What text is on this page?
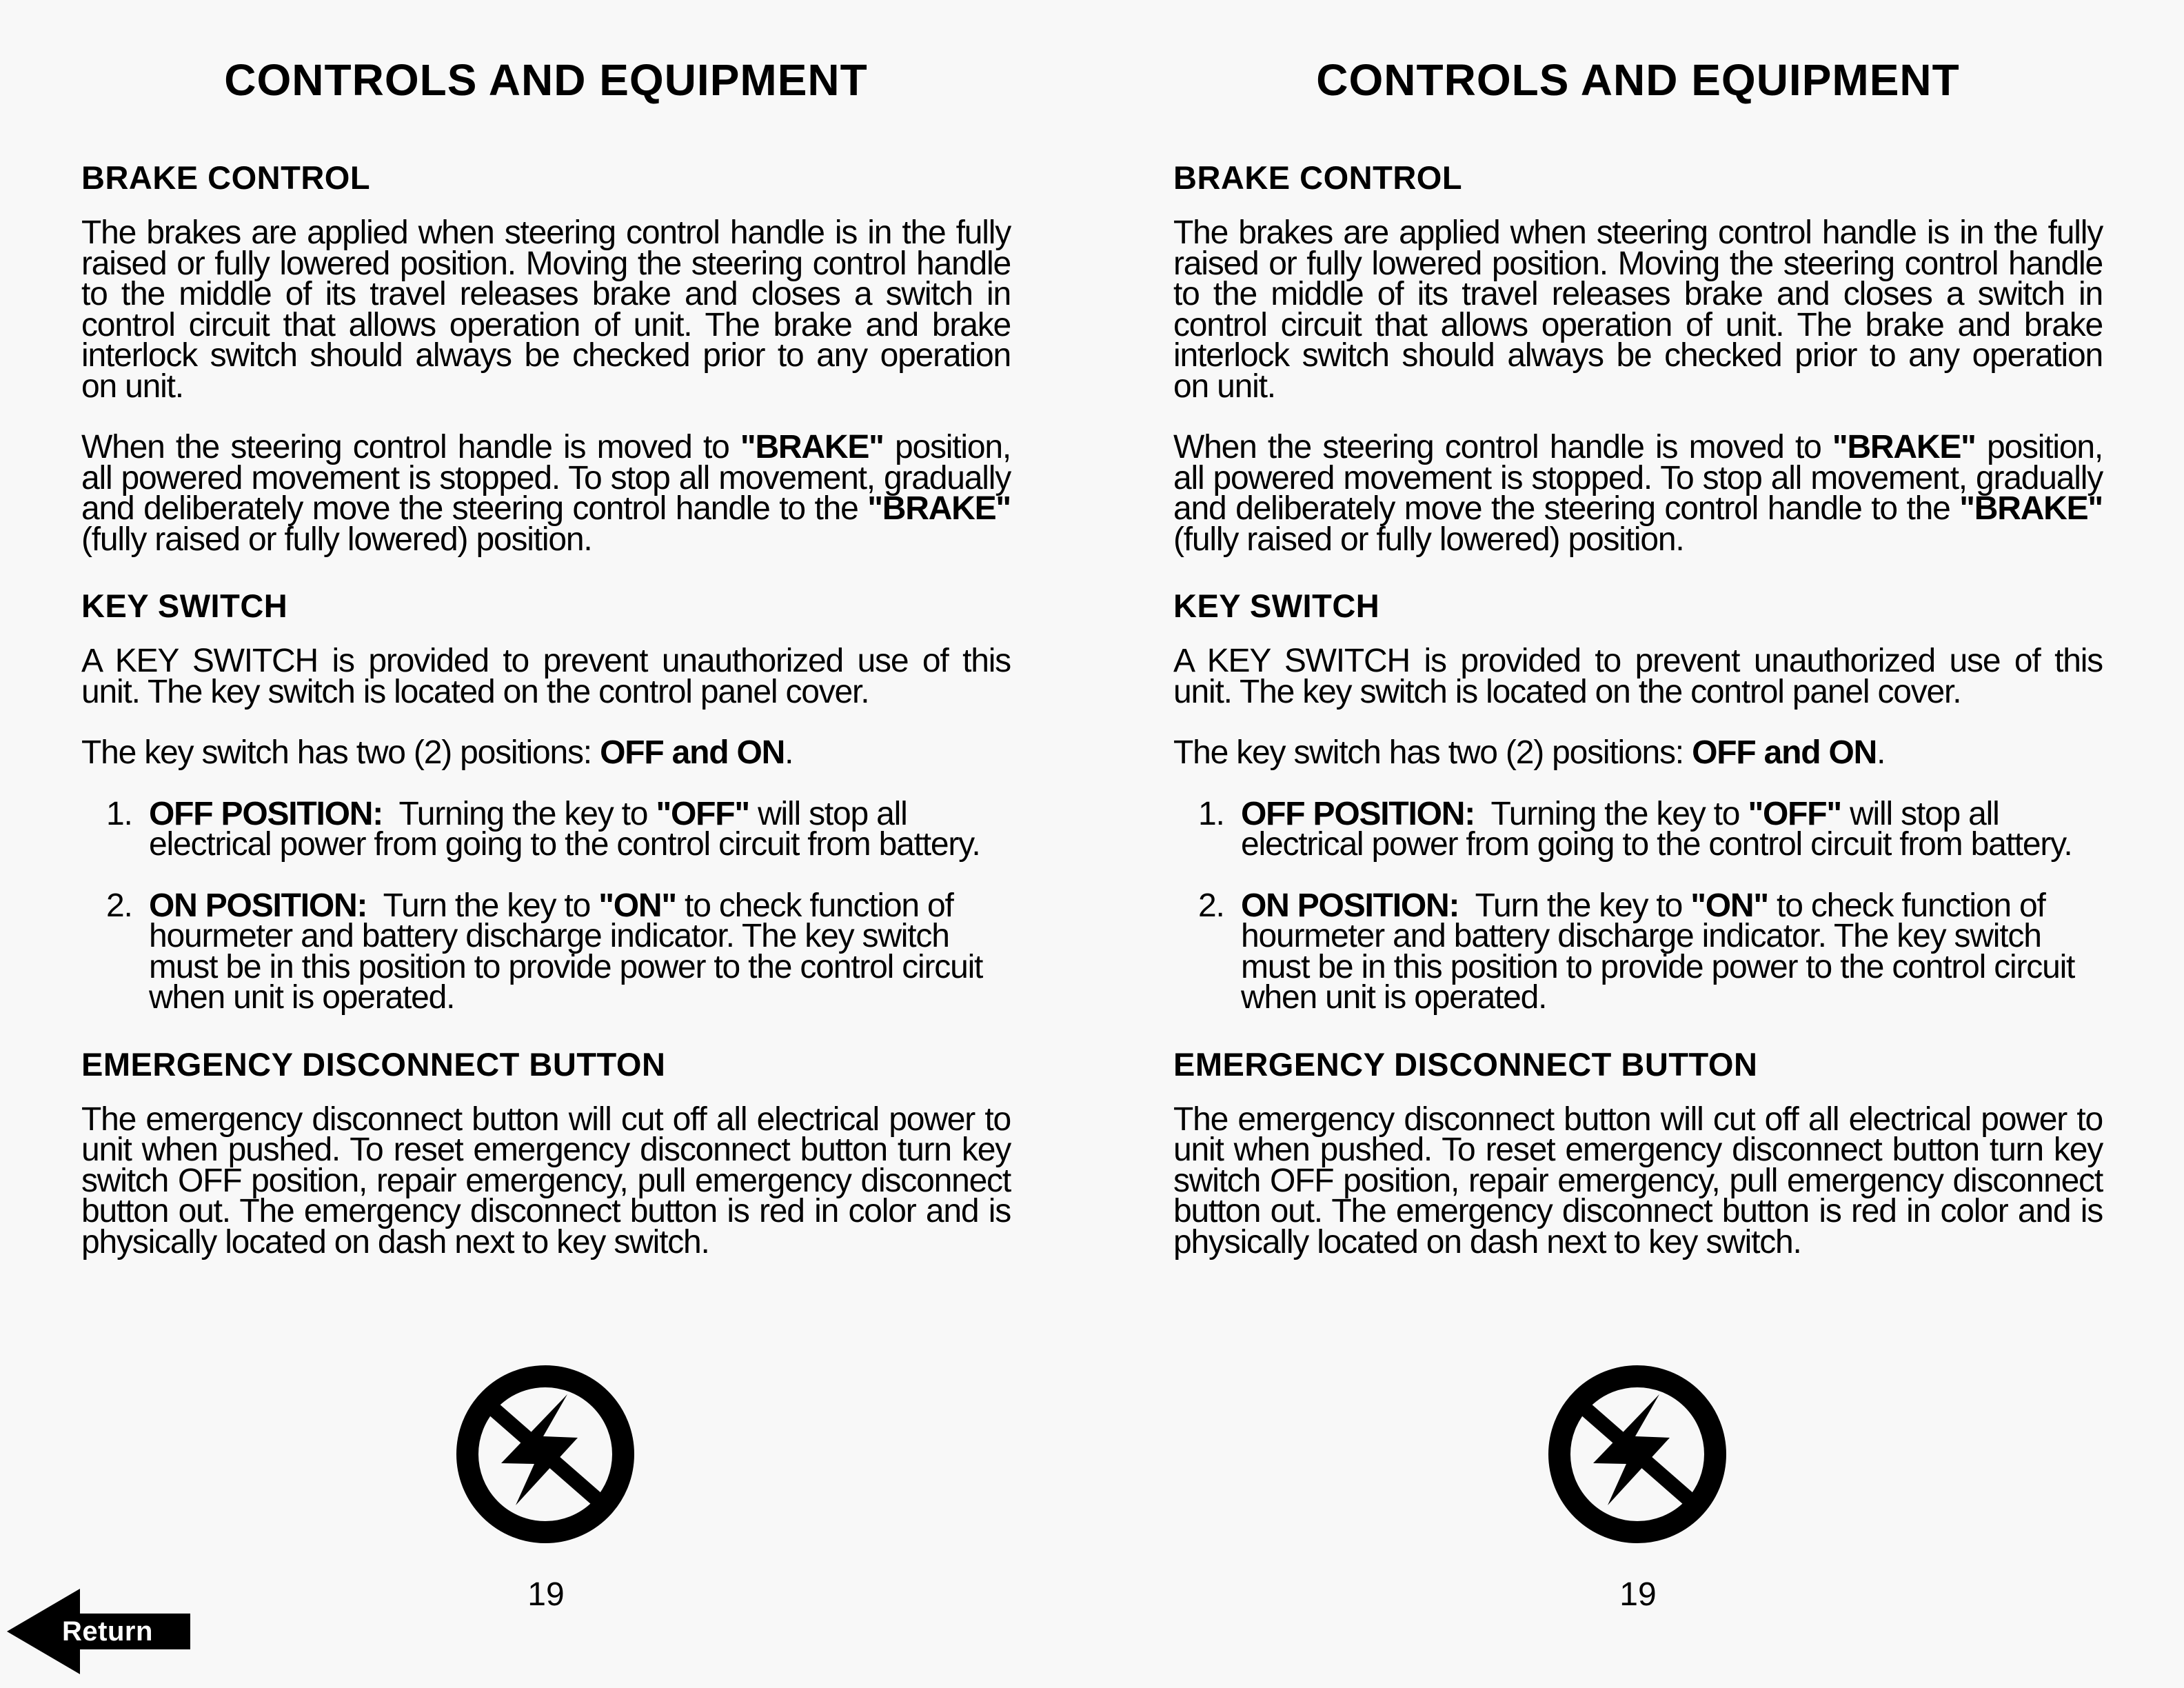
CONTROLS AND EQUIPMENT
BRAKE CONTROL

The brakes are applied when steering control handle is in the fully raised or fully lowered position. Moving the steering control handle to the middle of its travel releases brake and closes a switch in control circuit that allows operation of unit. The brake and brake interlock switch should always be checked prior to any operation on unit.

When the steering control handle is moved to "BRAKE" position, all powered movement is stopped. To stop all movement, gradually and deliberately move the steering control handle to the "BRAKE" (fully raised or fully lowered) position.

KEY SWITCH

A KEY SWITCH is provided to prevent unauthorized use of this unit. The key switch is located on the control panel cover.

The key switch has two (2) positions: OFF and ON.

1. OFF POSITION:  Turning the key to "OFF" will stop all electrical power from going to the control circuit from battery.
2. ON POSITION:  Turn the key to "ON" to check function of hourmeter and battery discharge indicator. The key switch must be in this position to provide power to the control circuit when unit is operated.
EMERGENCY DISCONNECT BUTTON

The emergency disconnect button will cut off all electrical power to unit when pushed. To reset emergency disconnect button turn key switch OFF position, repair emergency, pull emergency disconnect button out. The emergency disconnect button is red in color and is physically located on dash next to key switch.

19
Return
CONTROLS AND EQUIPMENT
BRAKE CONTROL

The brakes are applied when steering control handle is in the fully raised or fully lowered position. Moving the steering control handle to the middle of its travel releases brake and closes a switch in control circuit that allows operation of unit. The brake and brake interlock switch should always be checked prior to any operation on unit.

When the steering control handle is moved to "BRAKE" position, all powered movement is stopped. To stop all movement, gradually and deliberately move the steering control handle to the "BRAKE" (fully raised or fully lowered) position.

KEY SWITCH

A KEY SWITCH is provided to prevent unauthorized use of this unit. The key switch is located on the control panel cover.

The key switch has two (2) positions: OFF and ON.

1. OFF POSITION:  Turning the key to "OFF" will stop all electrical power from going to the control circuit from battery.
2. ON POSITION:  Turn the key to "ON" to check function of hourmeter and battery discharge indicator. The key switch must be in this position to provide power to the control circuit when unit is operated.
EMERGENCY DISCONNECT BUTTON

The emergency disconnect button will cut off all electrical power to unit when pushed. To reset emergency disconnect button turn key switch OFF position, repair emergency, pull emergency disconnect button out. The emergency disconnect button is red in color and is physically located on dash next to key switch.

19
